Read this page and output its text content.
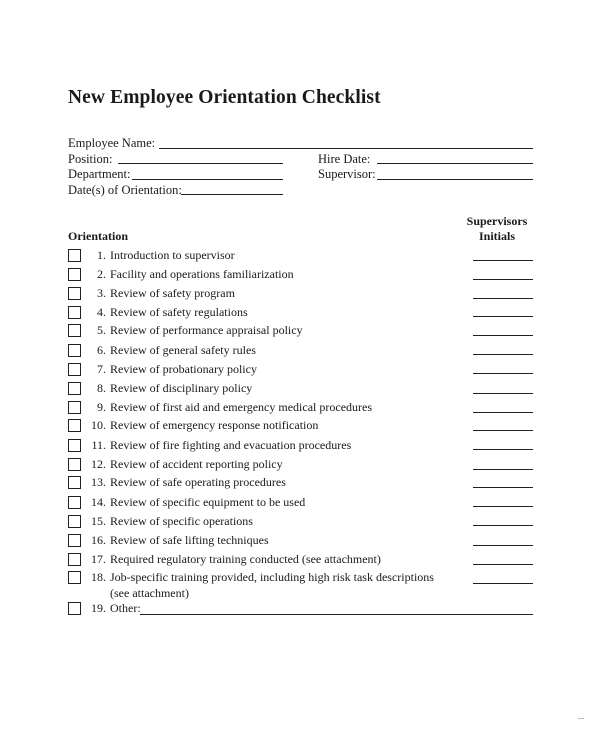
New Employee Orientation Checklist
Employee Name:
Position:	Hire Date:
Department:	Supervisor:
Date(s) of Orientation:
Supervisors
Initials
Orientation
1. Introduction to supervisor
2. Facility and operations familiarization
3. Review of safety program
4. Review of safety regulations
5. Review of performance appraisal policy
6. Review of general safety rules
7. Review of probationary policy
8. Review of disciplinary policy
9. Review of first aid and emergency medical procedures
10. Review of emergency response notification
11. Review of fire fighting and evacuation procedures
12. Review of accident reporting policy
13. Review of safe operating procedures
14. Review of specific equipment to be used
15. Review of specific operations
16. Review of safe lifting techniques
17. Required regulatory training conducted (see attachment)
18. Job-specific training provided, including high risk task descriptions
(see attachment)
19. Other:
...
